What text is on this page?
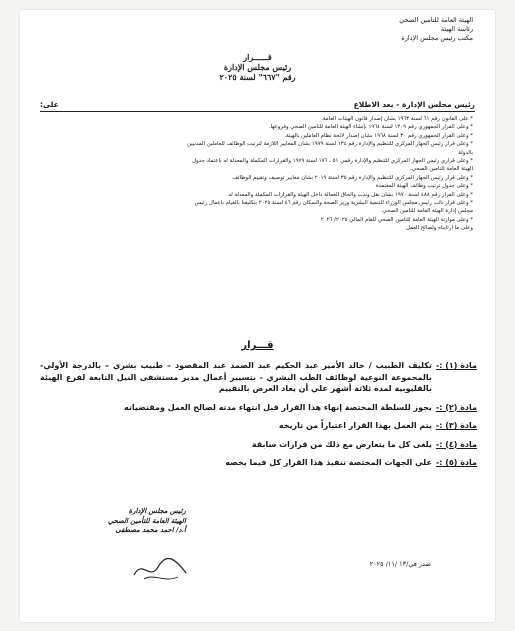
الهيئة العامة للتامين الصحي
رئاسة الهيئة
مكتب رئيس مجلس الإدارة
قــــــرار
رئيس مجلس الإدارة
رقم "٦٦٧" لسنة ٢٠٢٥
رئيس مجلس الإدارة - بعد الاطلاع
على:
* على القانون رقم ٦١ لسنة ١٩٦٣ بشأن إصدار قانون الهيئات العامة.
* وعلى القرار الجمهوري رقم ١٢٠٩ لسنة ١٩٦٤ بإنشاء الهيئة العامة للتأمين الصحي وفروعها.
* وعلى القرار الجمهوري رقم ٣٠ لسنة ١٩٦٨ بشأن إصدار لائحة نظام العاملين بالهيئة.
* وعلى قرار رئيس الجهاز المركزي للتنظيم والإدارة رقم ١٣٤ لسنة ١٩٧٩ بشأن المعايير اللازمة لترتيب الوظائف للعاملين المدنيين
بالدولة
* وعلى قراري رئيس الجهاز المركزي للتنظيم والإدارة رقمي ٥١ ، ١٧٦ لسنة ١٩٧٩ والقرارات المكملة والمعدلة له باعتماد جدول
الهيئة العامة للتأمين الصحي.
* وعلى قرار رئيس الجهاز المركزي للتنظيم والإدارة رقم ٣٥ لسنة ٢٠١٩ بشأن معايير توصيف وتقييم الوظائف
* وعلى جدول ترتيب وظائف الهيئة المعتمدة
* وعلى القرار رقم ٤٨٨ لسنة ١٩٧٠ بشأن نقل ونذب والحاق العمالة داخل الهيئة والقرارات المكملة والمعدلة له
* وعلى قرار نائب رئيس مجلس الوزراء للتنمية البشرية وزير الصحة والسكان رقم ٤٦ لسنة ٢٠٢٥ بتكليفنا بالقيام بأعمال رئيس
مجلس إدارة الهيئة العامة للتأمين الصحي.
* وعلى موازنة الهيئة العامة للتأمين الصحي للعام المالي ٢٠٢٥/ ٢٠٢٦
وعلى ما ارتأيناه ولصالح العمل
قـــرار
مادة (١) :-
تكليف الطبيب / خالد الأمير عبد الحكيم عبد الصمد عبد المقصود – طبيب بشري – بالدرجة الأولي- بالمجموعة النوعية لوظائف الطب البشري - بتسيير أعمال مدير مستشفى النيل التابعة لفرع الهيئة بالقليوبية لمدة ثلاثة أشهر علي أن يعاد العرض بالتقييم
مادة (٢) :-
يجوز للسلطة المختصة إنهاء هذا القرار قبل انتهاء مدته لصالح العمل ومقتضياته
مادة (٣) :-
يتم العمل بهذا القرار اعتباراً من تاريخه
مادة (٤) :-
يلغى كل ما يتعارض مع ذلك من قرارات سابقة
مادة (٥) :-
علي الجهات المختصة تنفيذ هذا القرار كل فيما يخصه
رئيس مجلس الإدارة
الهيئة العامة للتأمين الصحي
أ.د/ احمد محمد مصطفى
صدر في/١٣ /١١/ ٢٠٢٥
